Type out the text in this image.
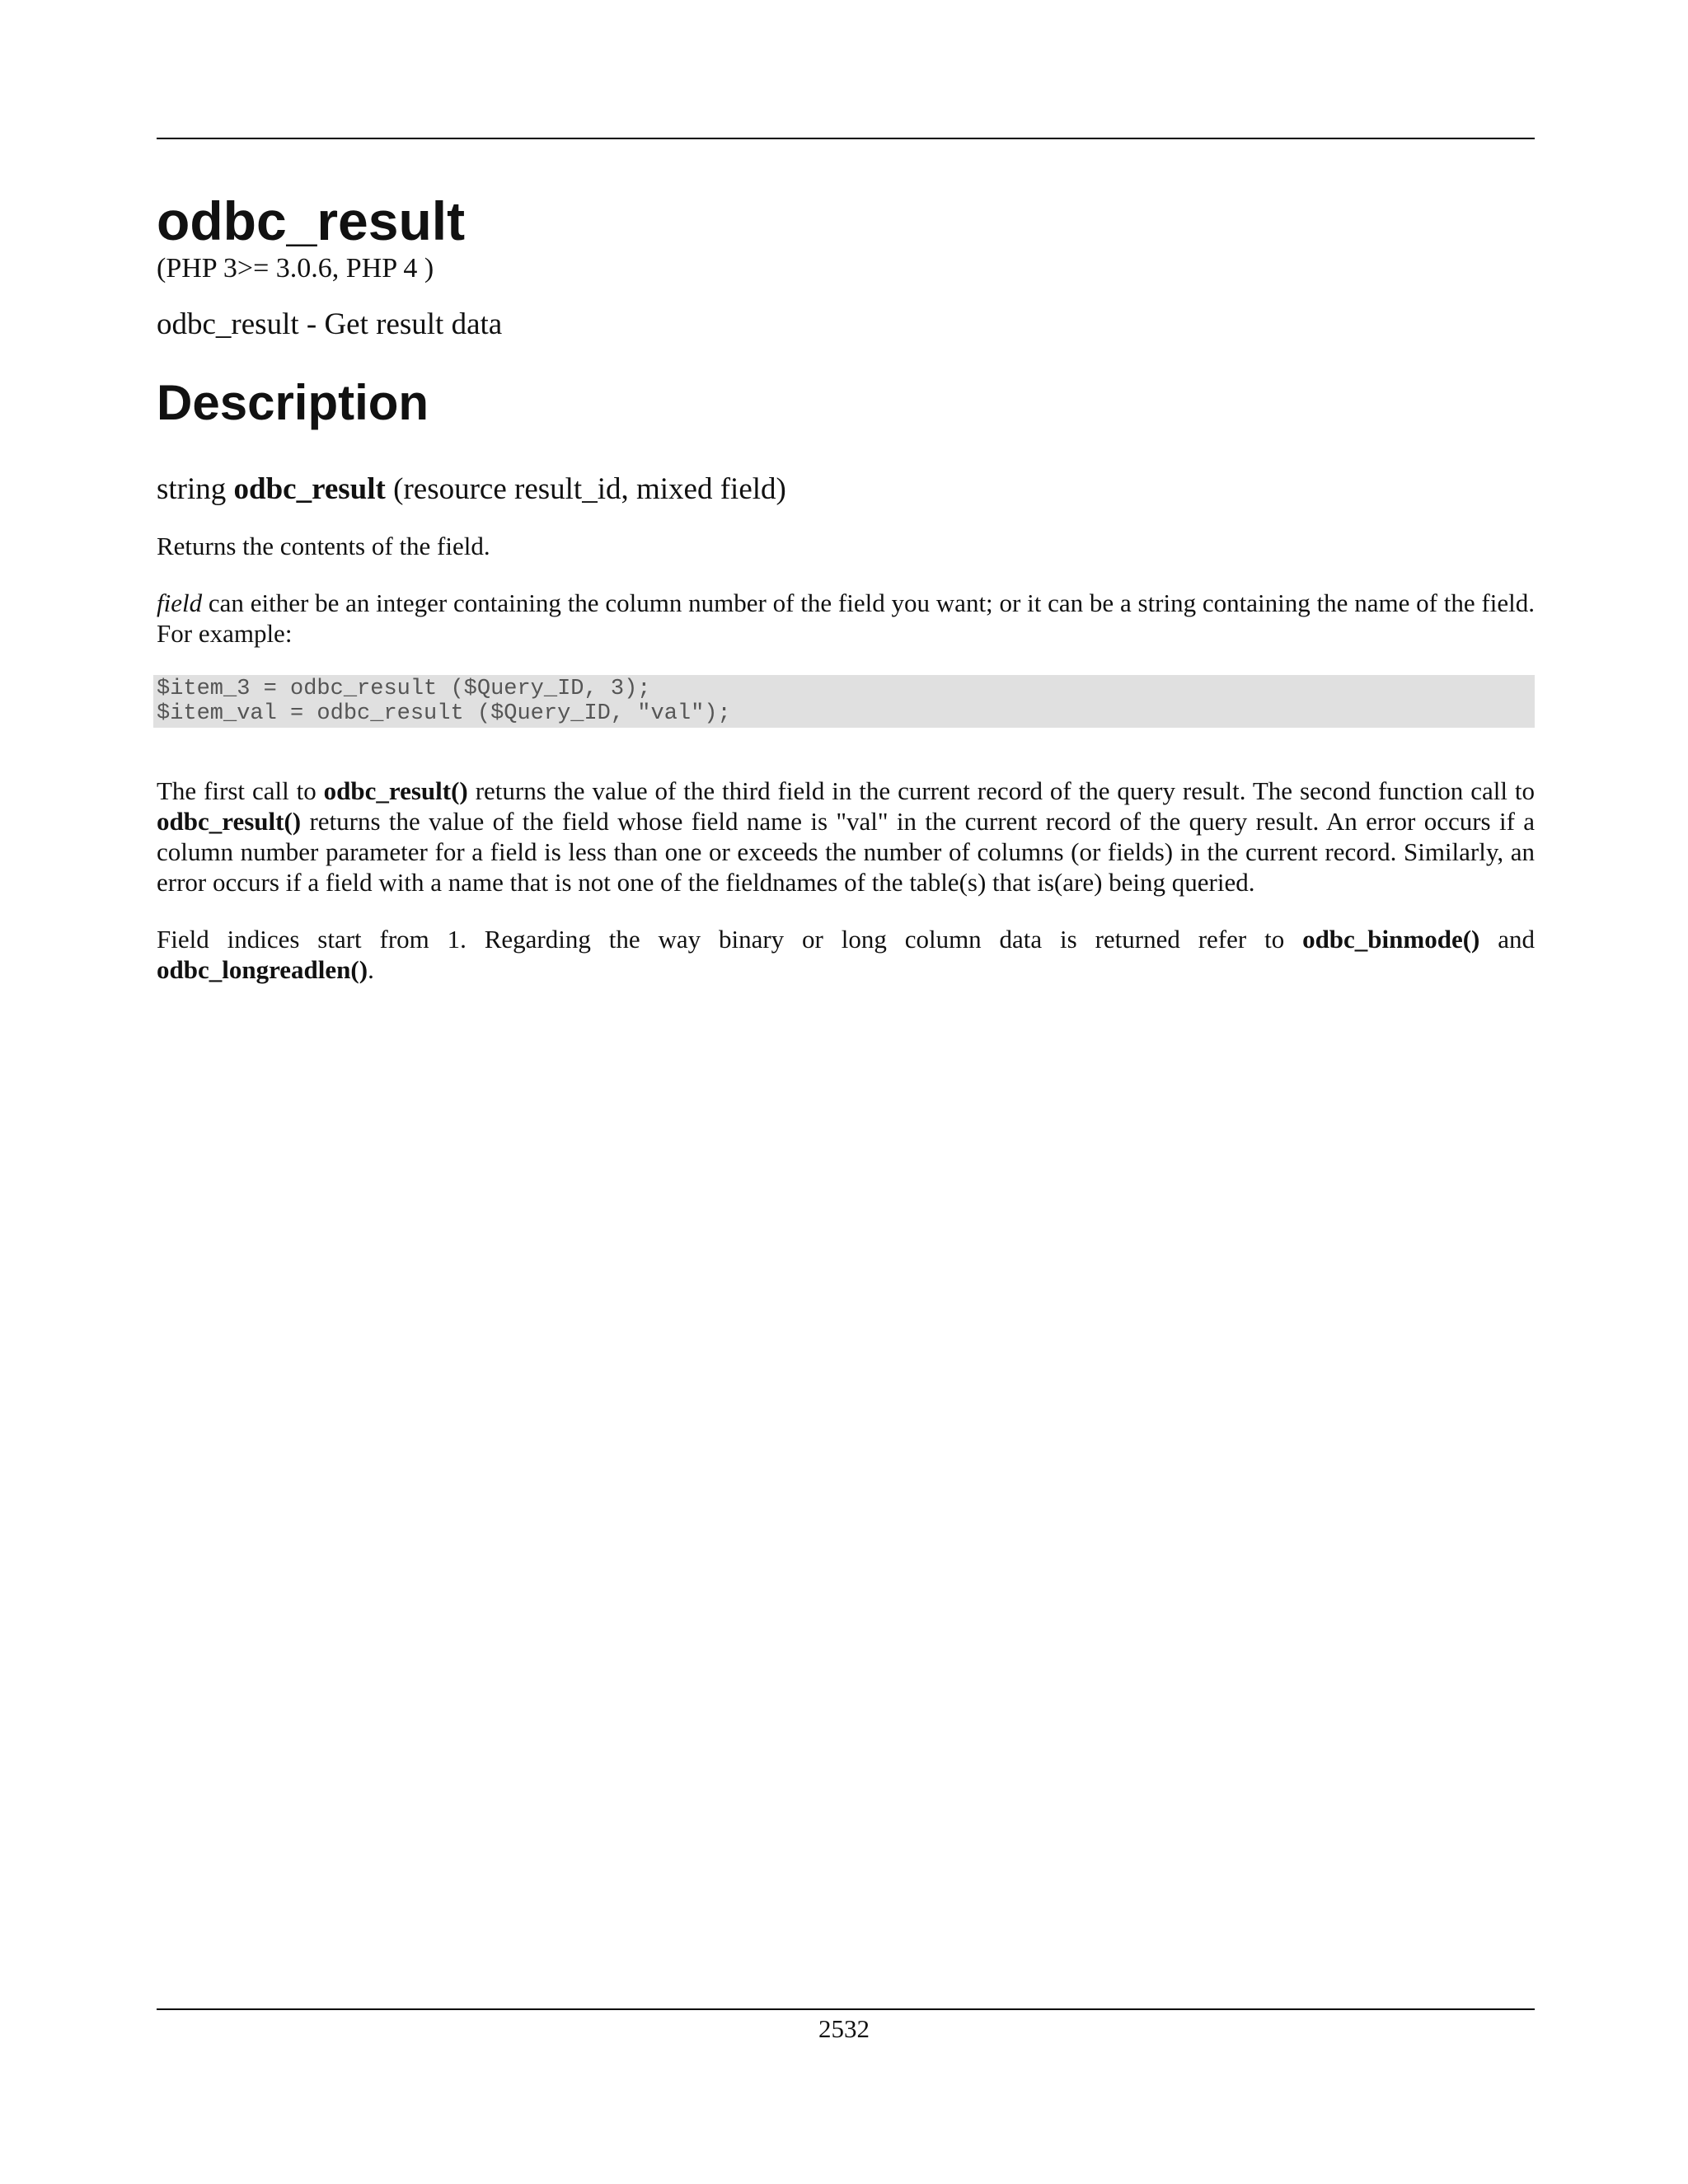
odbc_result
(PHP 3>= 3.0.6, PHP 4 )
odbc_result - Get result data
Description
string odbc_result (resource result_id, mixed field)

Returns the contents of the field.

field can either be an integer containing the column number of the field you want; or it can be a string containing the name of the field. For example:

$item_3 = odbc_result ($Query_ID, 3);
$item_val = odbc_result ($Query_ID, "val");

The first call to odbc_result() returns the value of the third field in the current record of the query result. The second function call to odbc_result() returns the value of the field whose field name is "val" in the current record of the query result. An error occurs if a column number parameter for a field is less than one or exceeds the number of columns (or fields) in the current record. Similarly, an error occurs if a field with a name that is not one of the fieldnames of the table(s) that is(are) being queried.

Field indices start from 1. Regarding the way binary or long column data is returned refer to odbc_binmode() and odbc_longreadlen().

2532
